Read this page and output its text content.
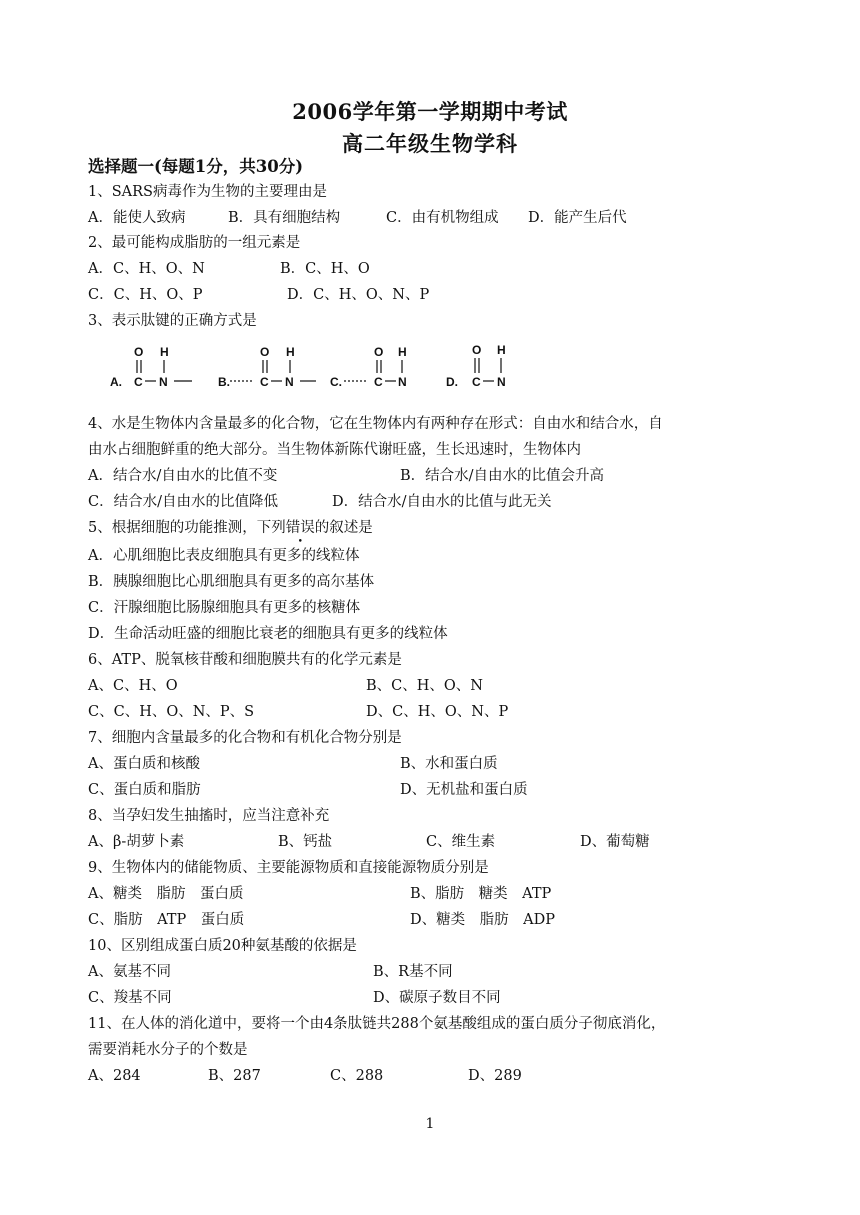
2006学年第一学期期中考试
高二年级生物学科
选择题一(每题1分，共30分)
1、SARS病毒作为生物的主要理由是
A．能使人致病	B．具有细胞结构	C．由有机物组成 D．能产生后代
2、最可能构成脂肪的一组元素是
A．C、H、O、N	B．C、H、O
C．C、H、O、P	D．C、H、O、N、P
3、表示肽键的正确方式是
A.
O H
C N	B.
O H
C N	C.
O H
C N	D.
O H
C N
4、水是生物体内含量最多的化合物，它在生物体内有两种存在形式：自由水和结合水，自
由水占细胞鲜重的绝大部分。当生物体新陈代谢旺盛，生长迅速时，生物体内
A．结合水/自由水的比值不变	B．结合水/自由水的比值会升高
C．结合水/自由水的比值降低	D．结合水/自由水的比值与此无关
5、根据细胞的功能推测，下列错误的叙述是
A．心肌细胞比表皮细胞具有更多的线粒体
B．胰腺细胞比心肌细胞具有更多的高尔基体
C．汗腺细胞比肠腺细胞具有更多的核糖体
D．生命活动旺盛的细胞比衰老的细胞具有更多的线粒体
6、ATP、脱氧核苷酸和细胞膜共有的化学元素是
A、C、H、O	B、C、H、O、N
C、C、H、O、N、P、S	D、C、H、O、N、P
7、细胞内含量最多的化合物和有机化合物分别是
A、蛋白质和核酸	B、水和蛋白质
C、蛋白质和脂肪	D、无机盐和蛋白质
8、当孕妇发生抽搐时，应当注意补充
A、β-胡萝卜素	B、钙盐	C、维生素	D、葡萄糖
9、生物体内的储能物质、主要能源物质和直接能源物质分别是
A、糖类　脂肪　蛋白质	B、脂肪　糖类　ATP
C、脂肪　ATP　蛋白质	D、糖类　脂肪　ADP
10、区别组成蛋白质20种氨基酸的依据是
A、氨基不同	B、R基不同
C、羧基不同	D、碳原子数目不同
11、在人体的消化道中，要将一个由4条肽链共288个氨基酸组成的蛋白质分子彻底消化，
需要消耗水分子的个数是
A、284	B、287	C、288	D、289
1
